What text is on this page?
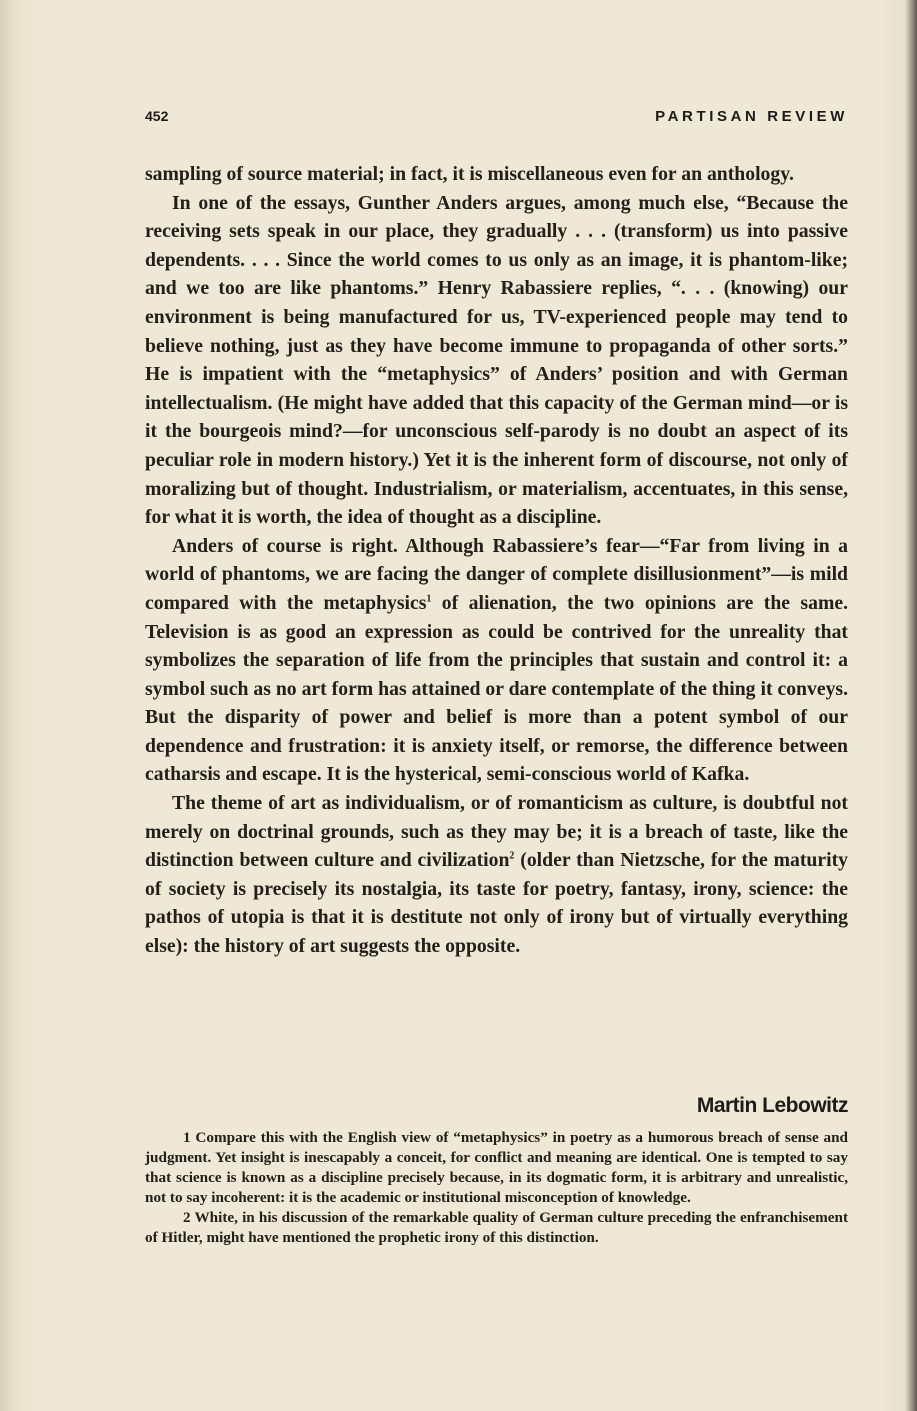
452	PARTISAN REVIEW

sampling of source material; in fact, it is miscellaneous even for an anthology.

In one of the essays, Gunther Anders argues, among much else, “Because the receiving sets speak in our place, they gradually . . . (transform) us into passive dependents. . . . Since the world comes to us only as an image, it is phantom-like; and we too are like phantoms.” Henry Rabassiere replies, “. . . (knowing) our environment is being manufactured for us, TV-experienced people may tend to believe nothing, just as they have become immune to propaganda of other sorts.” He is impatient with the “metaphysics” of Anders’ position and with German intellectualism. (He might have added that this capacity of the German mind—or is it the bourgeois mind?—for unconscious self-parody is no doubt an aspect of its peculiar role in modern history.) Yet it is the inherent form of discourse, not only of moralizing but of thought. Industrialism, or materialism, accentuates, in this sense, for what it is worth, the idea of thought as a discipline.

Anders of course is right. Although Rabassiere’s fear—“Far from living in a world of phantoms, we are facing the danger of complete disillusionment”—is mild compared with the metaphysics$^1$ of alienation, the two opinions are the same. Television is as good an expression as could be contrived for the unreality that symbolizes the separation of life from the principles that sustain and control it: a symbol such as no art form has attained or dare contemplate of the thing it conveys. But the disparity of power and belief is more than a potent symbol of our dependence and frustration: it is anxiety itself, or remorse, the difference between catharsis and escape. It is the hysterical, semi-conscious world of Kafka.

The theme of art as individualism, or of romanticism as culture, is doubtful not merely on doctrinal grounds, such as they may be; it is a breach of taste, like the distinction between culture and civilization$^2$ (older than Nietzsche, for the maturity of society is precisely its nostalgia, its taste for poetry, fantasy, irony, science: the pathos of utopia is that it is destitute not only of irony but of virtually everything else): the history of art suggests the opposite.

Martin Lebowitz

1 Compare this with the English view of “metaphysics” in poetry as a humorous breach of sense and judgment. Yet insight is inescapably a conceit, for conflict and meaning are identical. One is tempted to say that science is known as a discipline precisely because, in its dogmatic form, it is arbitrary and unrealistic, not to say incoherent: it is the academic or institutional misconception of knowledge.

2 White, in his discussion of the remarkable quality of German culture preceding the enfranchisement of Hitler, might have mentioned the prophetic irony of this distinction.
